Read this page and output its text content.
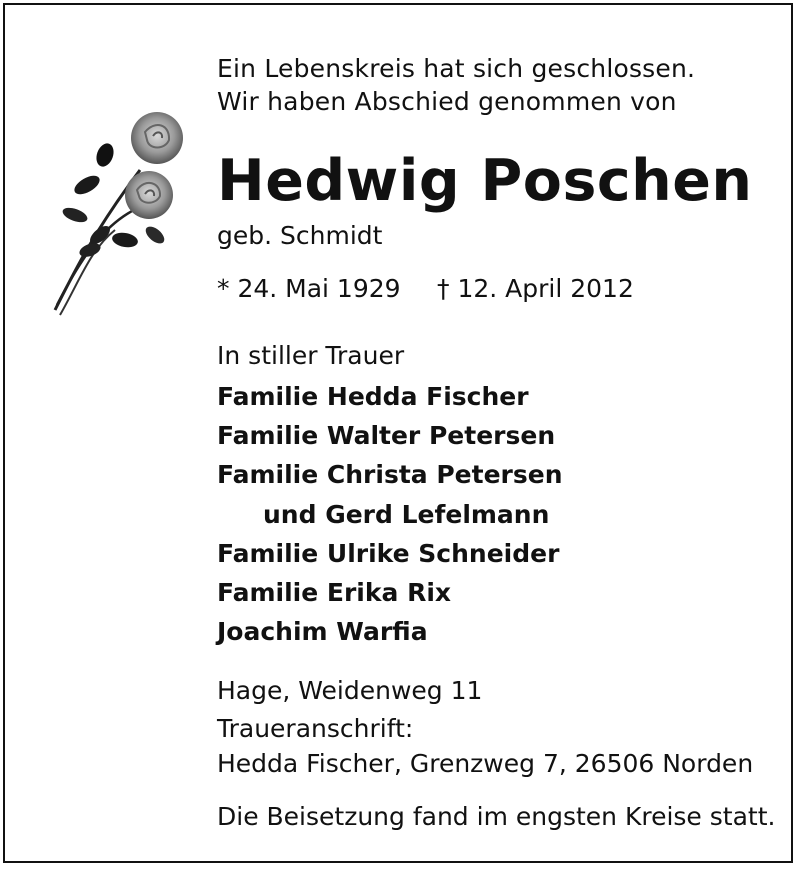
Ein Lebenskreis hat sich geschlossen.
Wir haben Abschied genommen von
Hedwig Poschen
geb. Schmidt
* 24. Mai 1929 † 12. April 2012
In stiller Trauer
Familie Hedda Fischer
Familie Walter Petersen
Familie Christa Petersen
und Gerd Lefelmann
Familie Ulrike Schneider
Familie Erika Rix
Joachim Warfia
Hage, Weidenweg 11
Traueranschrift:
Hedda Fischer, Grenzweg 7, 26506 Norden
Die Beisetzung fand im engsten Kreise statt.
